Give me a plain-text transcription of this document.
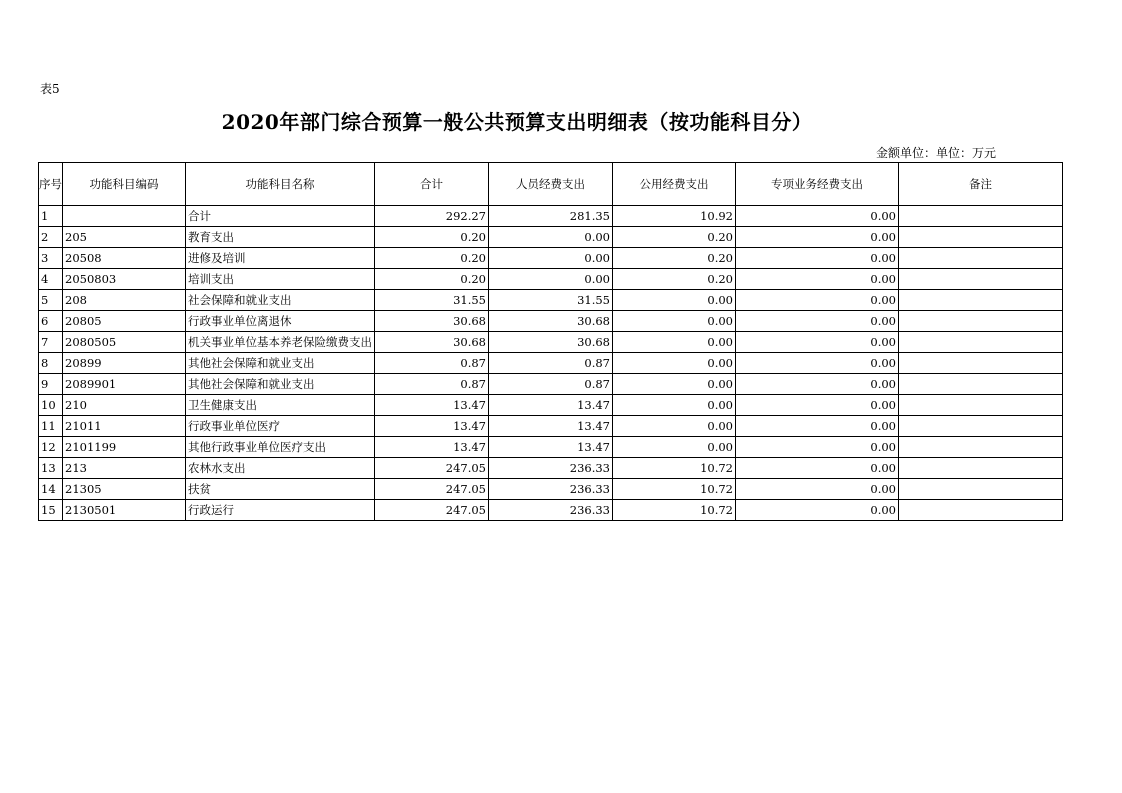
表5
2020年部门综合预算一般公共预算支出明细表（按功能科目分）
金额单位：单位：万元
序号	功能科目编码	功能科目名称	合计	人员经费支出	公用经费支出	专项业务经费支出	备注
1		合计	292.27	281.35	10.92	0.00	
2	205	教育支出	0.20	0.00	0.20	0.00	
3	20508	进修及培训	0.20	0.00	0.20	0.00	
4	2050803	培训支出	0.20	0.00	0.20	0.00	
5	208	社会保障和就业支出	31.55	31.55	0.00	0.00	
6	20805	行政事业单位离退休	30.68	30.68	0.00	0.00	
7	2080505	机关事业单位基本养老保险缴费支出	30.68	30.68	0.00	0.00	
8	20899	其他社会保障和就业支出	0.87	0.87	0.00	0.00	
9	2089901	其他社会保障和就业支出	0.87	0.87	0.00	0.00	
10	210	卫生健康支出	13.47	13.47	0.00	0.00	
11	21011	行政事业单位医疗	13.47	13.47	0.00	0.00	
12	2101199	其他行政事业单位医疗支出	13.47	13.47	0.00	0.00	
13	213	农林水支出	247.05	236.33	10.72	0.00	
14	21305	扶贫	247.05	236.33	10.72	0.00	
15	2130501	行政运行	247.05	236.33	10.72	0.00	
